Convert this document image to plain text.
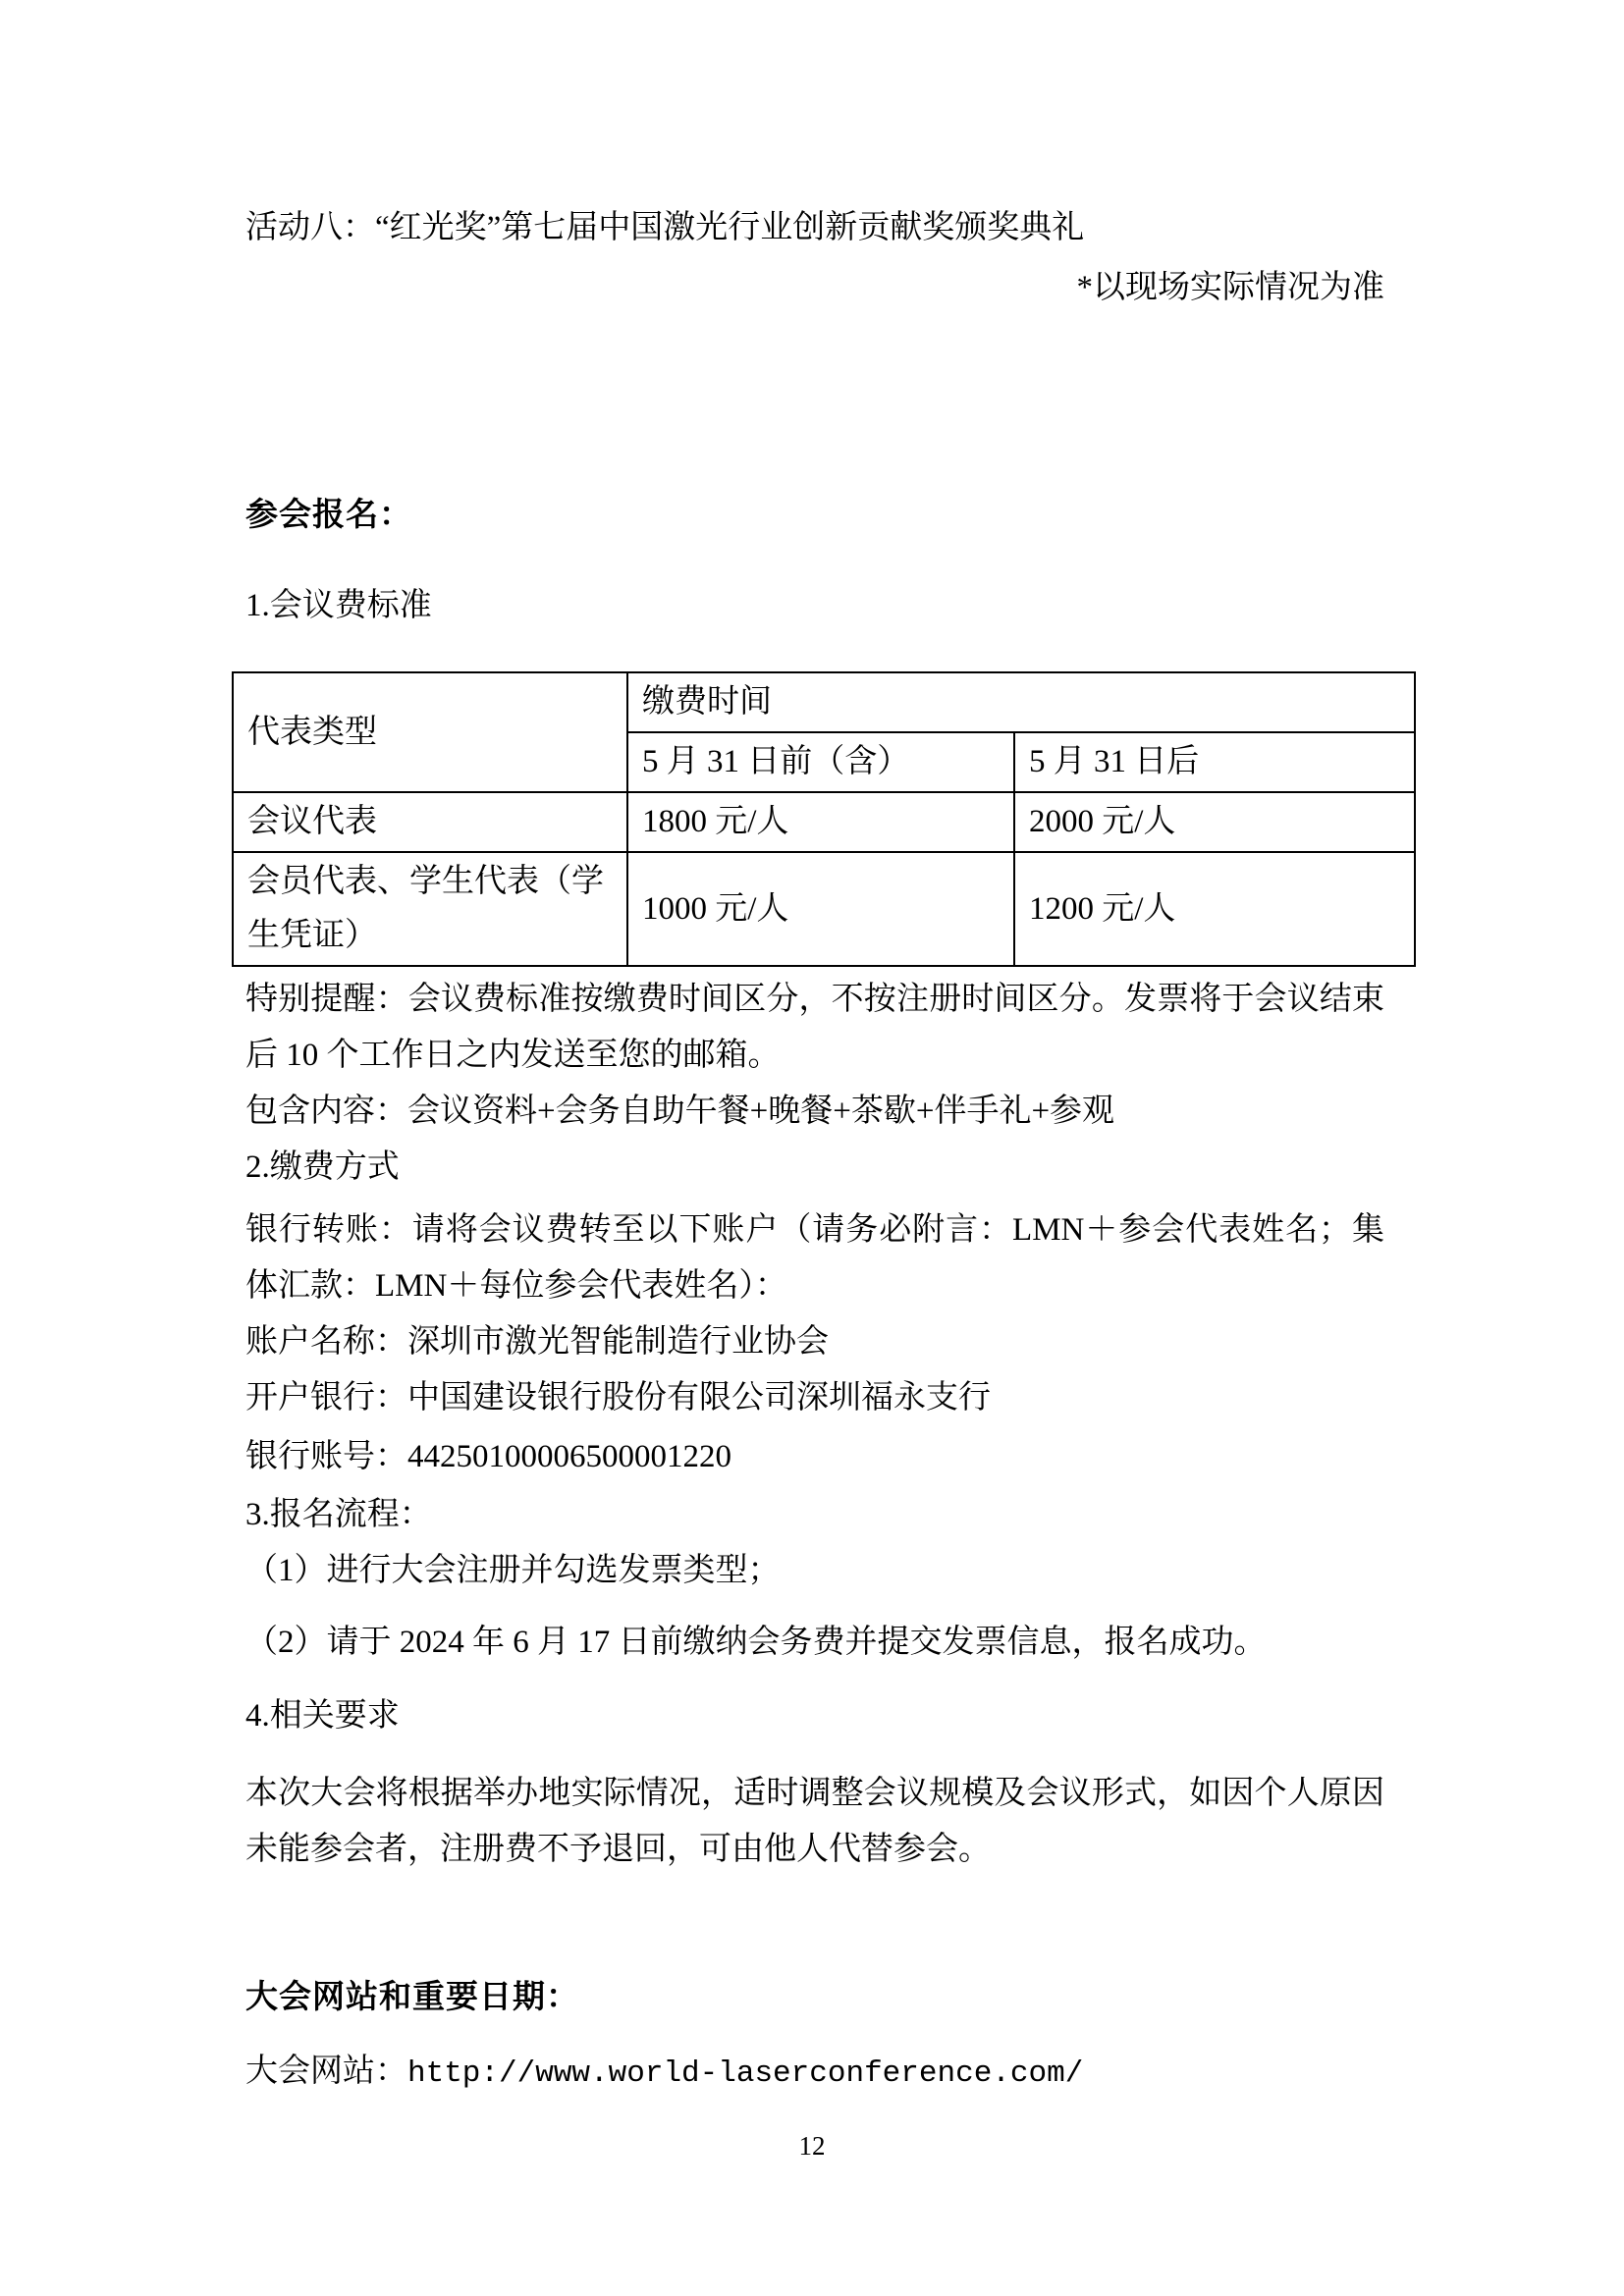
活动八：“红光奖”第七届中国激光行业创新贡献奖颁奖典礼

*以现场实际情况为准

参会报名：

1.会议费标准

代表类型	缴费时间	
	5 月 31 日前（含）	5 月 31 日后
会议代表	1800 元/人	2000 元/人
会员代表、学生代表（学生凭证）	1000 元/人	1200 元/人

特别提醒：会议费标准按缴费时间区分，不按注册时间区分。发票将于会议结束后 10 个工作日之内发送至您的邮箱。

包含内容：会议资料+会务自助午餐+晚餐+茶歇+伴手礼+参观

2.缴费方式

银行转账：请将会议费转至以下账户（请务必附言：LMN＋参会代表姓名；集体汇款：LMN＋每位参会代表姓名）：

账户名称：深圳市激光智能制造行业协会

开户银行：中国建设银行股份有限公司深圳福永支行

银行账号：44250100006500001220

3.报名流程：

（1）进行大会注册并勾选发票类型；

（2）请于 2024 年 6 月 17 日前缴纳会务费并提交发票信息，报名成功。

4.相关要求

本次大会将根据举办地实际情况，适时调整会议规模及会议形式，如因个人原因未能参会者，注册费不予退回，可由他人代替参会。

大会网站和重要日期：

大会网站：http://www.world-laserconference.com/

12
